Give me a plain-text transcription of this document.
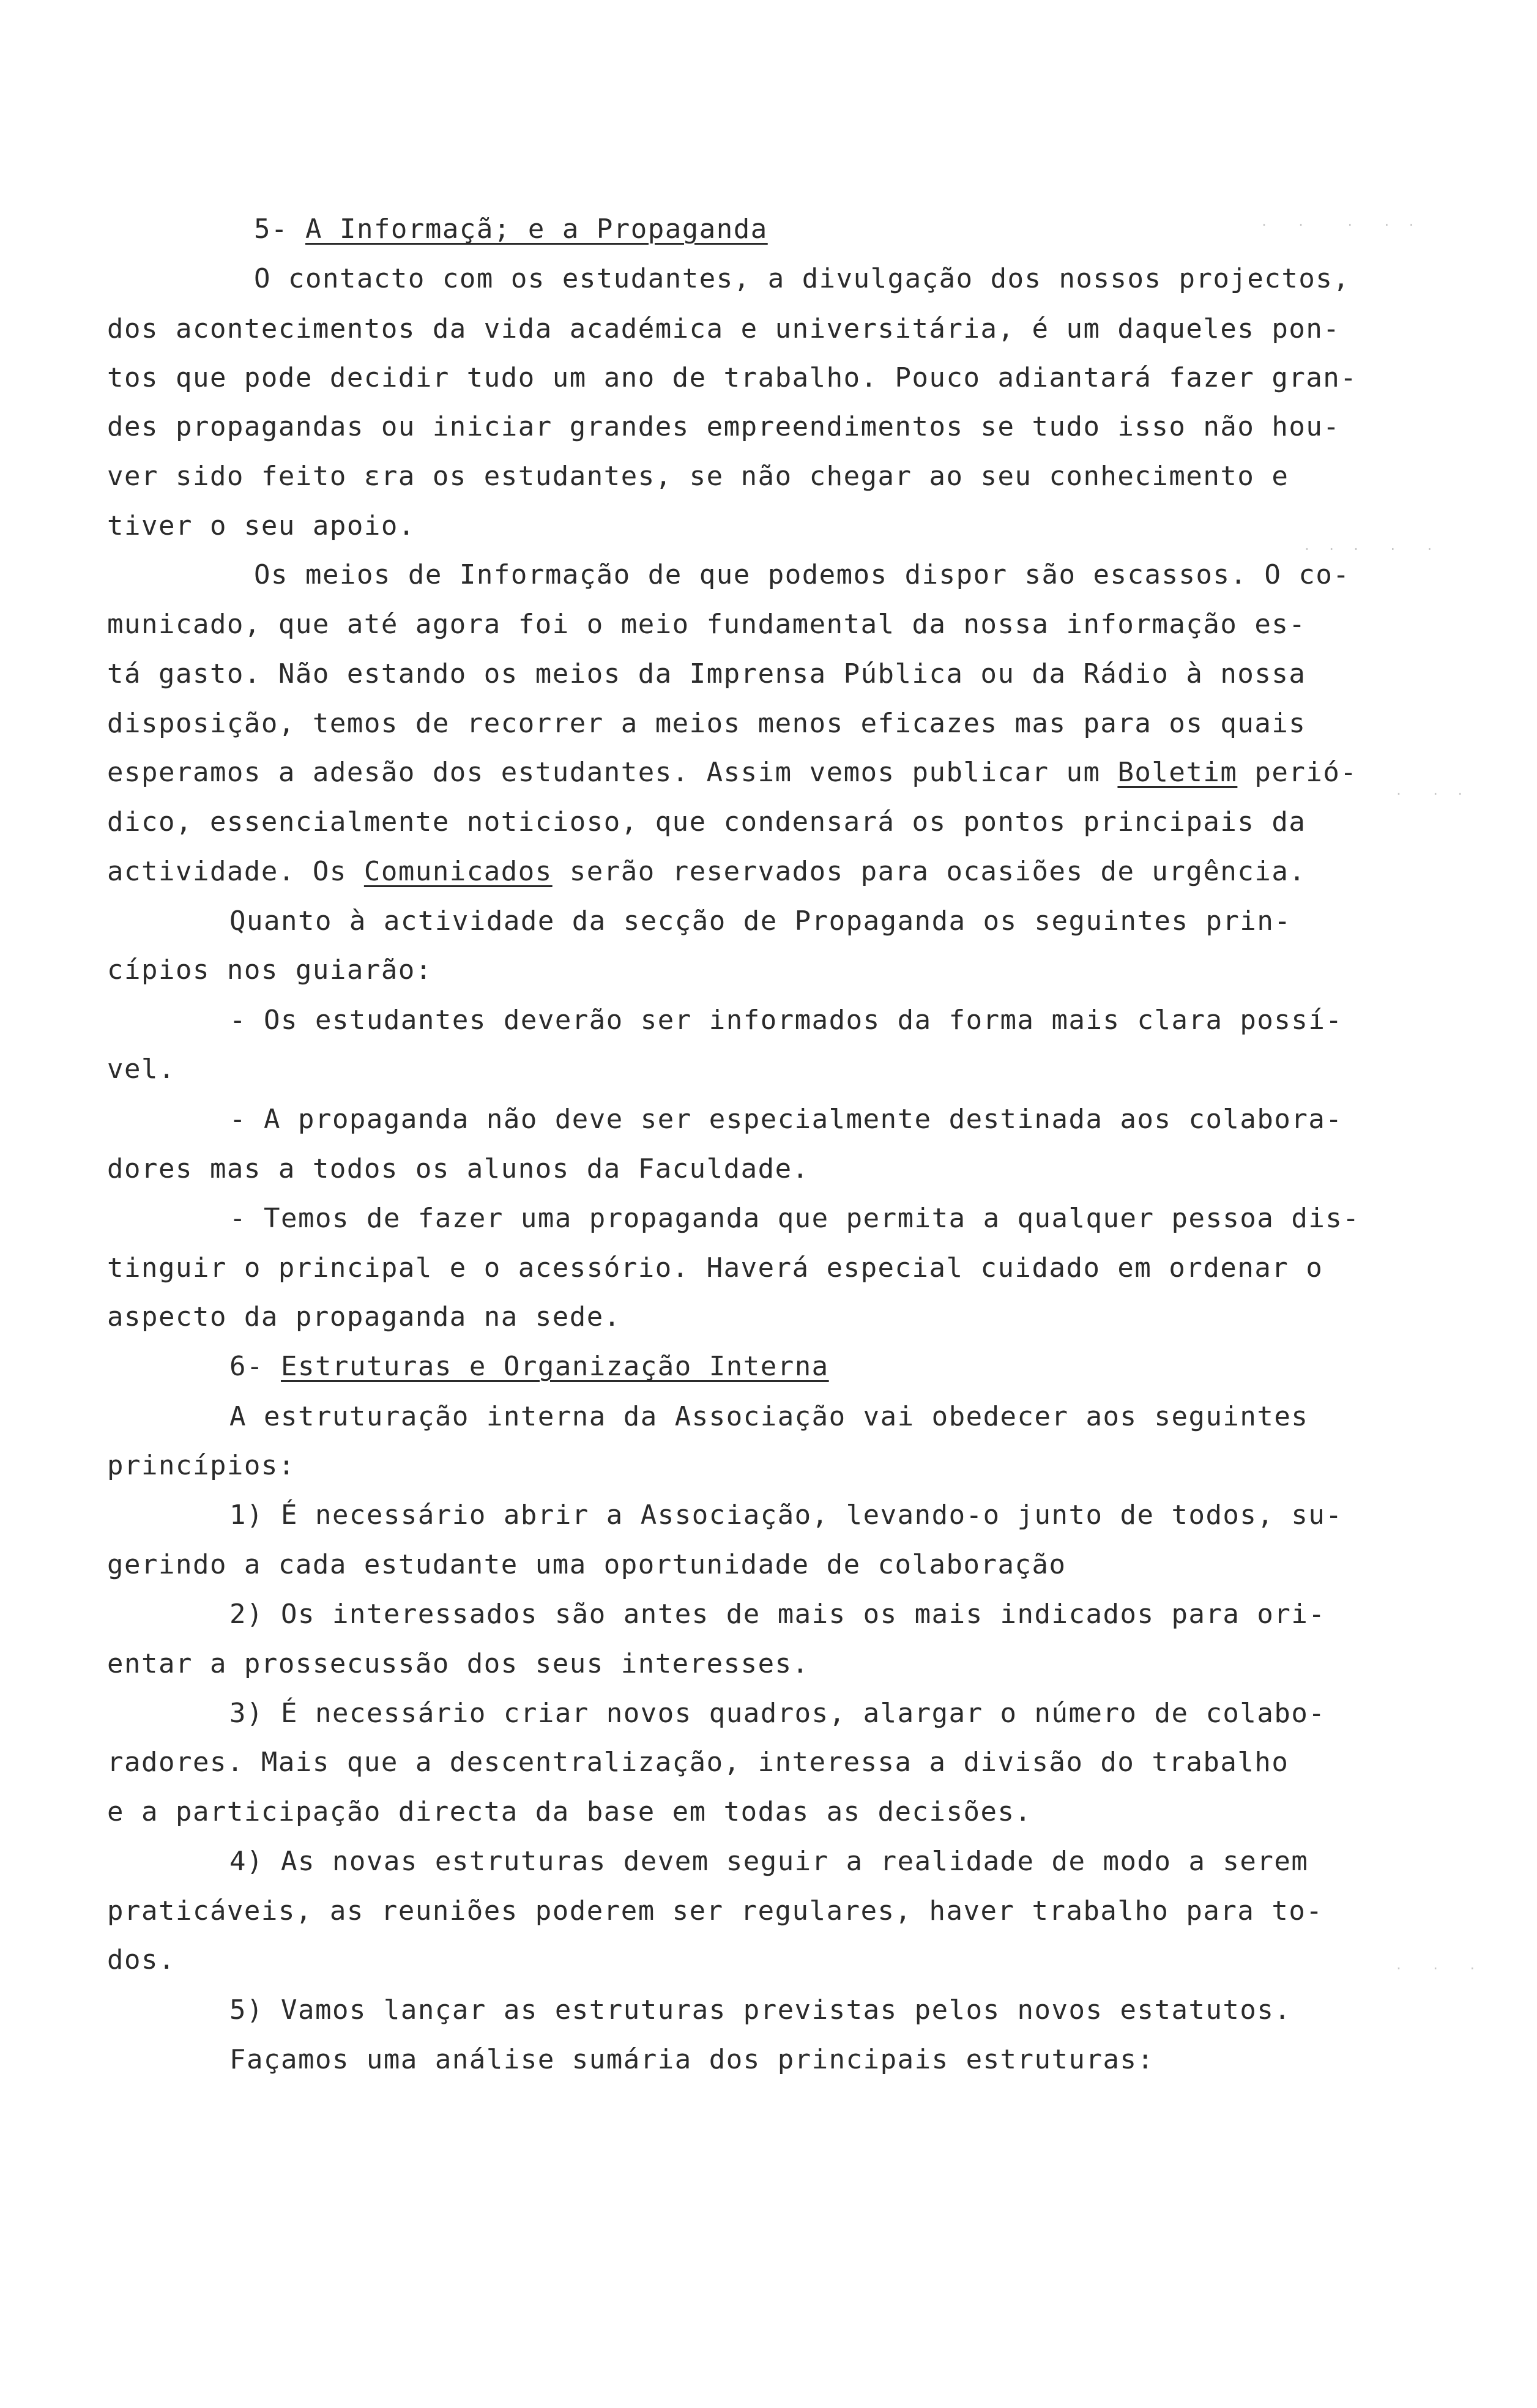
.  .   .  . .
. . .  .  .
.  . .
.  .  .
5- A Informaçã; e a Propaganda
O contacto com os estudantes, a divulgação dos nossos projectos,
dos acontecimentos da vida académica e universitária, é um daqueles pon-
tos que pode decidir tudo um ano de trabalho. Pouco adiantará fazer gran-
des propagandas ou iniciar grandes empreendimentos se tudo isso não hou-
ver sido feito ɛra os estudantes, se não chegar ao seu conhecimento e
tiver o seu apoio.
Os meios de Informação de que podemos dispor são escassos. O co-
municado, que até agora foi o meio fundamental da nossa informação es-
tá gasto. Não estando os meios da Imprensa Pública ou da Rádio à nossa
disposição, temos de recorrer a meios menos eficazes mas para os quais
esperamos a adesão dos estudantes. Assim vemos publicar um Boletim perió-
dico, essencialmente noticioso, que condensará os pontos principais da
actividade. Os Comunicados serão reservados para ocasiões de urgência.
Quanto à actividade da secção de Propaganda os seguintes prin-
cípios nos guiarão:
- Os estudantes deverão ser informados da forma mais clara possí-
vel.
- A propaganda não deve ser especialmente destinada aos colabora-
dores mas a todos os alunos da Faculdade.
- Temos de fazer uma propaganda que permita a qualquer pessoa dis-
tinguir o principal e o acessório. Haverá especial cuidado em ordenar o
aspecto da propaganda na sede.
6- Estruturas e Organização Interna
A estruturação interna da Associação vai obedecer aos seguintes
princípios:
1) É necessário abrir a Associação, levando-o junto de todos, su-
gerindo a cada estudante uma oportunidade de colaboração
2) Os interessados são antes de mais os mais indicados para ori-
entar a prossecussão dos seus interesses.
3) É necessário criar novos quadros, alargar o número de colabo-
radores. Mais que a descentralização, interessa a divisão do trabalho
e a participação directa da base em todas as decisões.
4) As novas estruturas devem seguir a realidade de modo a serem
praticáveis, as reuniões poderem ser regulares, haver trabalho para to-
dos.
5) Vamos lançar as estruturas previstas pelos novos estatutos.
Façamos uma análise sumária dos principais estruturas:
